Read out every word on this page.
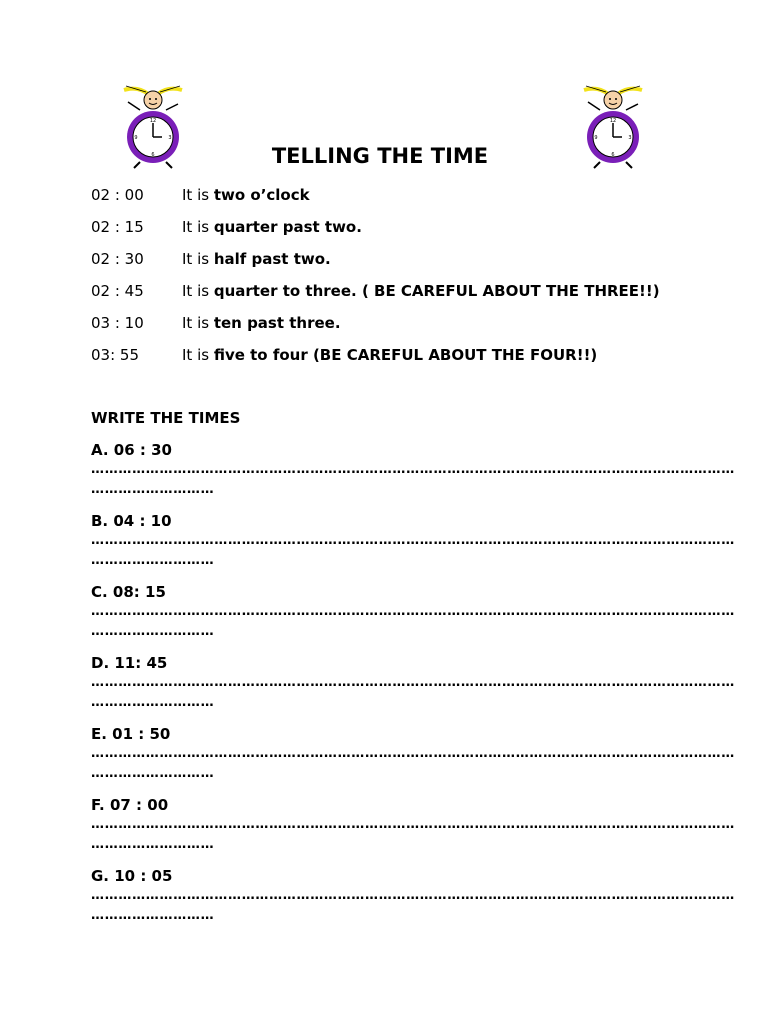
12
3
6
9
12
3
6
9
TELLING THE TIME
02 : 00	It is two o’clock
02 : 15	It is quarter past two.
02 : 30	It is half past two.
02 : 45	It is quarter to three. ( BE CAREFUL ABOUT THE THREE!!)
03 : 10	It is ten past three.
03: 55	It is five to four (BE CAREFUL ABOUT THE FOUR!!)
WRITE THE TIMES
A. 06 : 30
……………………………………………………………………………………………………………………………
………………………
B. 04 : 10
……………………………………………………………………………………………………………………………
………………………
C. 08: 15
……………………………………………………………………………………………………………………………
………………………
D. 11: 45
……………………………………………………………………………………………………………………………
………………………
E. 01 : 50
……………………………………………………………………………………………………………………………
………………………
F. 07 : 00
……………………………………………………………………………………………………………………………
………………………
G. 10 : 05
……………………………………………………………………………………………………………………………
………………………
